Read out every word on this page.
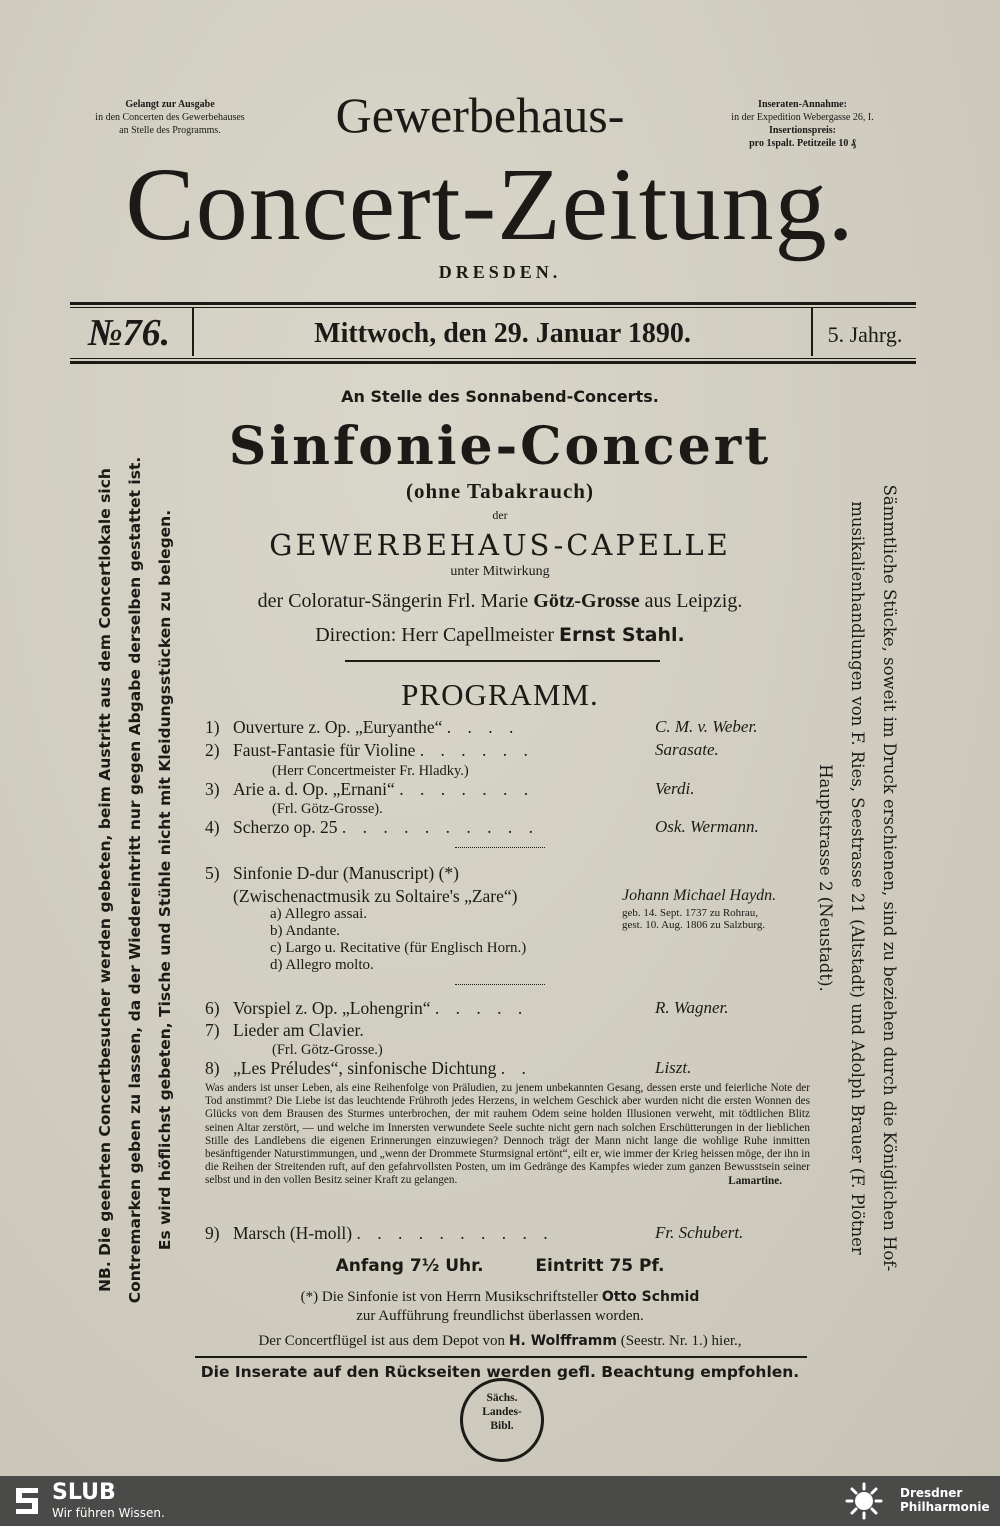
Gelangt zur Ausgabe
in den Concerten des Gewerbehauses
an Stelle des Programms.	Gewerbehaus-	Inseraten-Annahme:
in der Expedition Webergasse 26, I.
Insertionspreis:
pro 1spalt. Petitzeile 10 ₰
Concert-Zeitung.
DRESDEN.
№76.	Mittwoch, den 29. Januar 1890.	5. Jahrg.
NB. Die geehrten Concertbesucher werden gebeten, beim Austritt aus dem Concertlokale sich Contremarken geben zu lassen, da der Wiedereintritt nur gegen Abgabe derselben gestattet ist. Es wird höflichst gebeten, Tische und Stühle nicht mit Kleidungsstücken zu belegen.	Sämmtliche Stücke, soweit im Druck erschienen, sind zu beziehen durch die Königlichen Hof-
musikalienhandlungen von F. Ries, Seestrasse 21 (Altstadt) und Adolph Brauer (F. Plötner
Hauptstrasse 2 (Neustadt).
An Stelle des Sonnabend-Concerts.
Sinfonie-Concert
(ohne Tabakrauch)
der
GEWERBEHAUS-CAPELLE
unter Mitwirkung
der Coloratur-Sängerin Frl. Marie Götz-Grosse aus Leipzig.
Direction: Herr Capellmeister Ernst Stahl.
PROGRAMM.
1) Ouverture z. Op. „Euryanthe“ . . . .	C. M. v. Weber.
2) Faust-Fantasie für Violine . . . . . .	Sarasate.
(Herr Concertmeister Fr. Hladky.)
3) Arie a. d. Op. „Ernani“ . . . . . . .	Verdi.
(Frl. Götz-Grosse).
4) Scherzo op. 25 . . . . . . . . . .	Osk. Wermann.
5) Sinfonie D-dur (Manuscript) (*)
(Zwischenactmusik zu Soltaire's „Zare“)	Johann Michael Haydn.
geb. 14. Sept. 1737 zu Rohrau,
gest. 10. Aug. 1806 zu Salzburg.
a) Allegro assai.
b) Andante.
c) Largo u. Recitative (für Englisch Horn.)
d) Allegro molto.
6) Vorspiel z. Op. „Lohengrin“ . . . . .	R. Wagner.
7) Lieder am Clavier.
(Frl. Götz-Grosse.)
8) „Les Préludes“, sinfonische Dichtung . .	Liszt.
Was anders ist unser Leben, als eine Reihenfolge von Präludien, zu jenem unbekannten Gesang, dessen erste und feierliche Note der Tod anstimmt? Die Liebe ist das leuchtende Frühroth jedes Herzens, in welchem Geschick aber wurden nicht die ersten Wonnen des Glücks von dem Brausen des Sturmes unterbrochen, der mit rauhem Odem seine holden Illusionen verweht, mit tödtlichen Blitz seinen Altar zerstört, — und welche im Innersten verwundete Seele suchte nicht gern nach solchen Erschütterungen in der lieblichen Stille des Landlebens die eigenen Erinnerungen einzuwiegen? Dennoch trägt der Mann nicht lange die wohlige Ruhe inmitten besänftigender Naturstimmungen, und „wenn der Drommete Sturmsignal ertönt“, eilt er, wie immer der Krieg heissen möge, der ihn in die Reihen der Streitenden ruft, auf den gefahrvollsten Posten, um im Gedränge des Kampfes wieder zum ganzen Bewusstsein seiner selbst und in den vollen Besitz seiner Kraft zu gelangen.	Lamartine.
9) Marsch (H-moll) . . . . . . . . . .	Fr. Schubert.
Anfang 7½ Uhr.	Eintritt 75 Pf.
(*) Die Sinfonie ist von Herrn Musikschriftsteller Otto Schmid
zur Aufführung freundlichst überlassen worden.
Der Concertflügel ist aus dem Depot von H. Wolfframm (Seestr. Nr. 1.) hier.,
Die Inserate auf den Rückseiten werden gefl. Beachtung empfohlen.
Sächs.
Landes-
Bibl.
SLUB
Wir führen Wissen.
Dresdner
Philharmonie
